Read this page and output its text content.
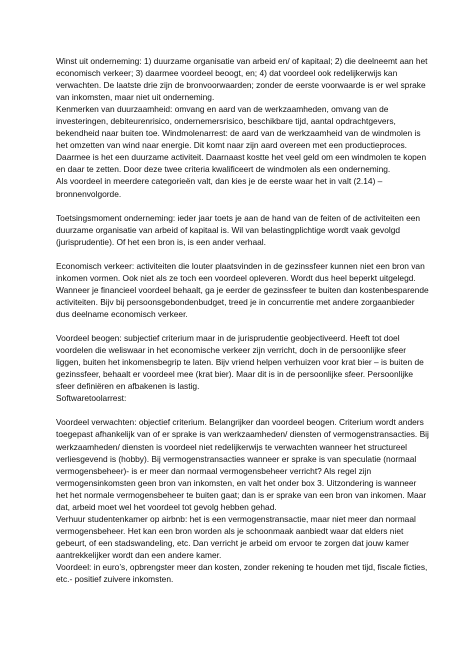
Winst uit onderneming: 1) duurzame organisatie van arbeid en/ of kapitaal; 2) die deelneemt aan het economisch verkeer; 3) daarmee voordeel beoogt, en; 4) dat voordeel ook redelijkerwijs kan verwachten. De laatste drie zijn de bronvoorwaarden; zonder de eerste voorwaarde is er wel sprake van inkomsten, maar niet uit onderneming.

Kenmerken van duurzaamheid: omvang en aard van de werkzaamheden, omvang van de investeringen, debiteurenrisico, ondernemersrisico, beschikbare tijd, aantal opdrachtgevers, bekendheid naar buiten toe. Windmolenarrest: de aard van de werkzaamheid van de windmolen is het omzetten van wind naar energie. Dit komt naar zijn aard overeen met een productieproces. Daarmee is het een duurzame activiteit. Daarnaast kostte het veel geld om een windmolen te kopen en daar te zetten. Door deze twee criteria kwalificeert de windmolen als een onderneming.

Als voordeel in meerdere categorieën valt, dan kies je de eerste waar het in valt (2.14) – bronnenvolgorde.

Toetsingsmoment onderneming: ieder jaar toets je aan de hand van de feiten of de activiteiten een duurzame organisatie van arbeid of kapitaal is. Wil van belastingplichtige wordt vaak gevolgd (jurisprudentie). Of het een bron is, is een ander verhaal.

Economisch verkeer: activiteiten die louter plaatsvinden in de gezinssfeer kunnen niet een bron van inkomen vormen. Ook niet als ze toch een voordeel opleveren. Wordt dus heel beperkt uitgelegd. Wanneer je financieel voordeel behaalt, ga je eerder de gezinssfeer te buiten dan kostenbesparende activiteiten. Bijv bij persoonsgebondenbudget, treed je in concurrentie met andere zorgaanbieder dus deelname economisch verkeer.

Voordeel beogen: subjectief criterium maar in de jurisprudentie geobjectiveerd. Heeft tot doel voordelen die weliswaar in het economische verkeer zijn verricht, doch in de persoonlijke sfeer liggen, buiten het inkomensbegrip te laten. Bijv vriend helpen verhuizen voor krat bier – is buiten de gezinssfeer, behaalt er voordeel mee (krat bier). Maar dit is in de persoonlijke sfeer. Persoonlijke sfeer definiëren en afbakenen is lastig.

Softwaretoolarrest:

Voordeel verwachten: objectief criterium. Belangrijker dan voordeel beogen. Criterium wordt anders toegepast afhankelijk van of er sprake is van werkzaamheden/ diensten of vermogenstransacties. Bij werkzaamheden/ diensten is voordeel niet redelijkerwijs te verwachten wanneer het structureel verliesgevend is (hobby). Bij vermogenstransacties wanneer er sprake is van speculatie (normaal vermogensbeheer)- is er meer dan normaal vermogensbeheer verricht? Als regel zijn vermogensinkomsten geen bron van inkomsten, en valt het onder box 3. Uitzondering is wanneer het het normale vermogensbeheer te buiten gaat; dan is er sprake van een bron van inkomen. Maar dat, arbeid moet wel het voordeel tot gevolg hebben gehad.

Verhuur studentenkamer op airbnb: het is een vermogenstransactie, maar niet meer dan normaal vermogensbeheer. Het kan een bron worden als je schoonmaak aanbiedt waar dat elders niet gebeurt, of een stadswandeling, etc. Dan verricht je arbeid om ervoor te zorgen dat jouw kamer aantrekkelijker wordt dan een andere kamer.

Voordeel: in euro’s, opbrengster meer dan kosten, zonder rekening te houden met tijd, fiscale ficties, etc.- positief zuivere inkomsten.
